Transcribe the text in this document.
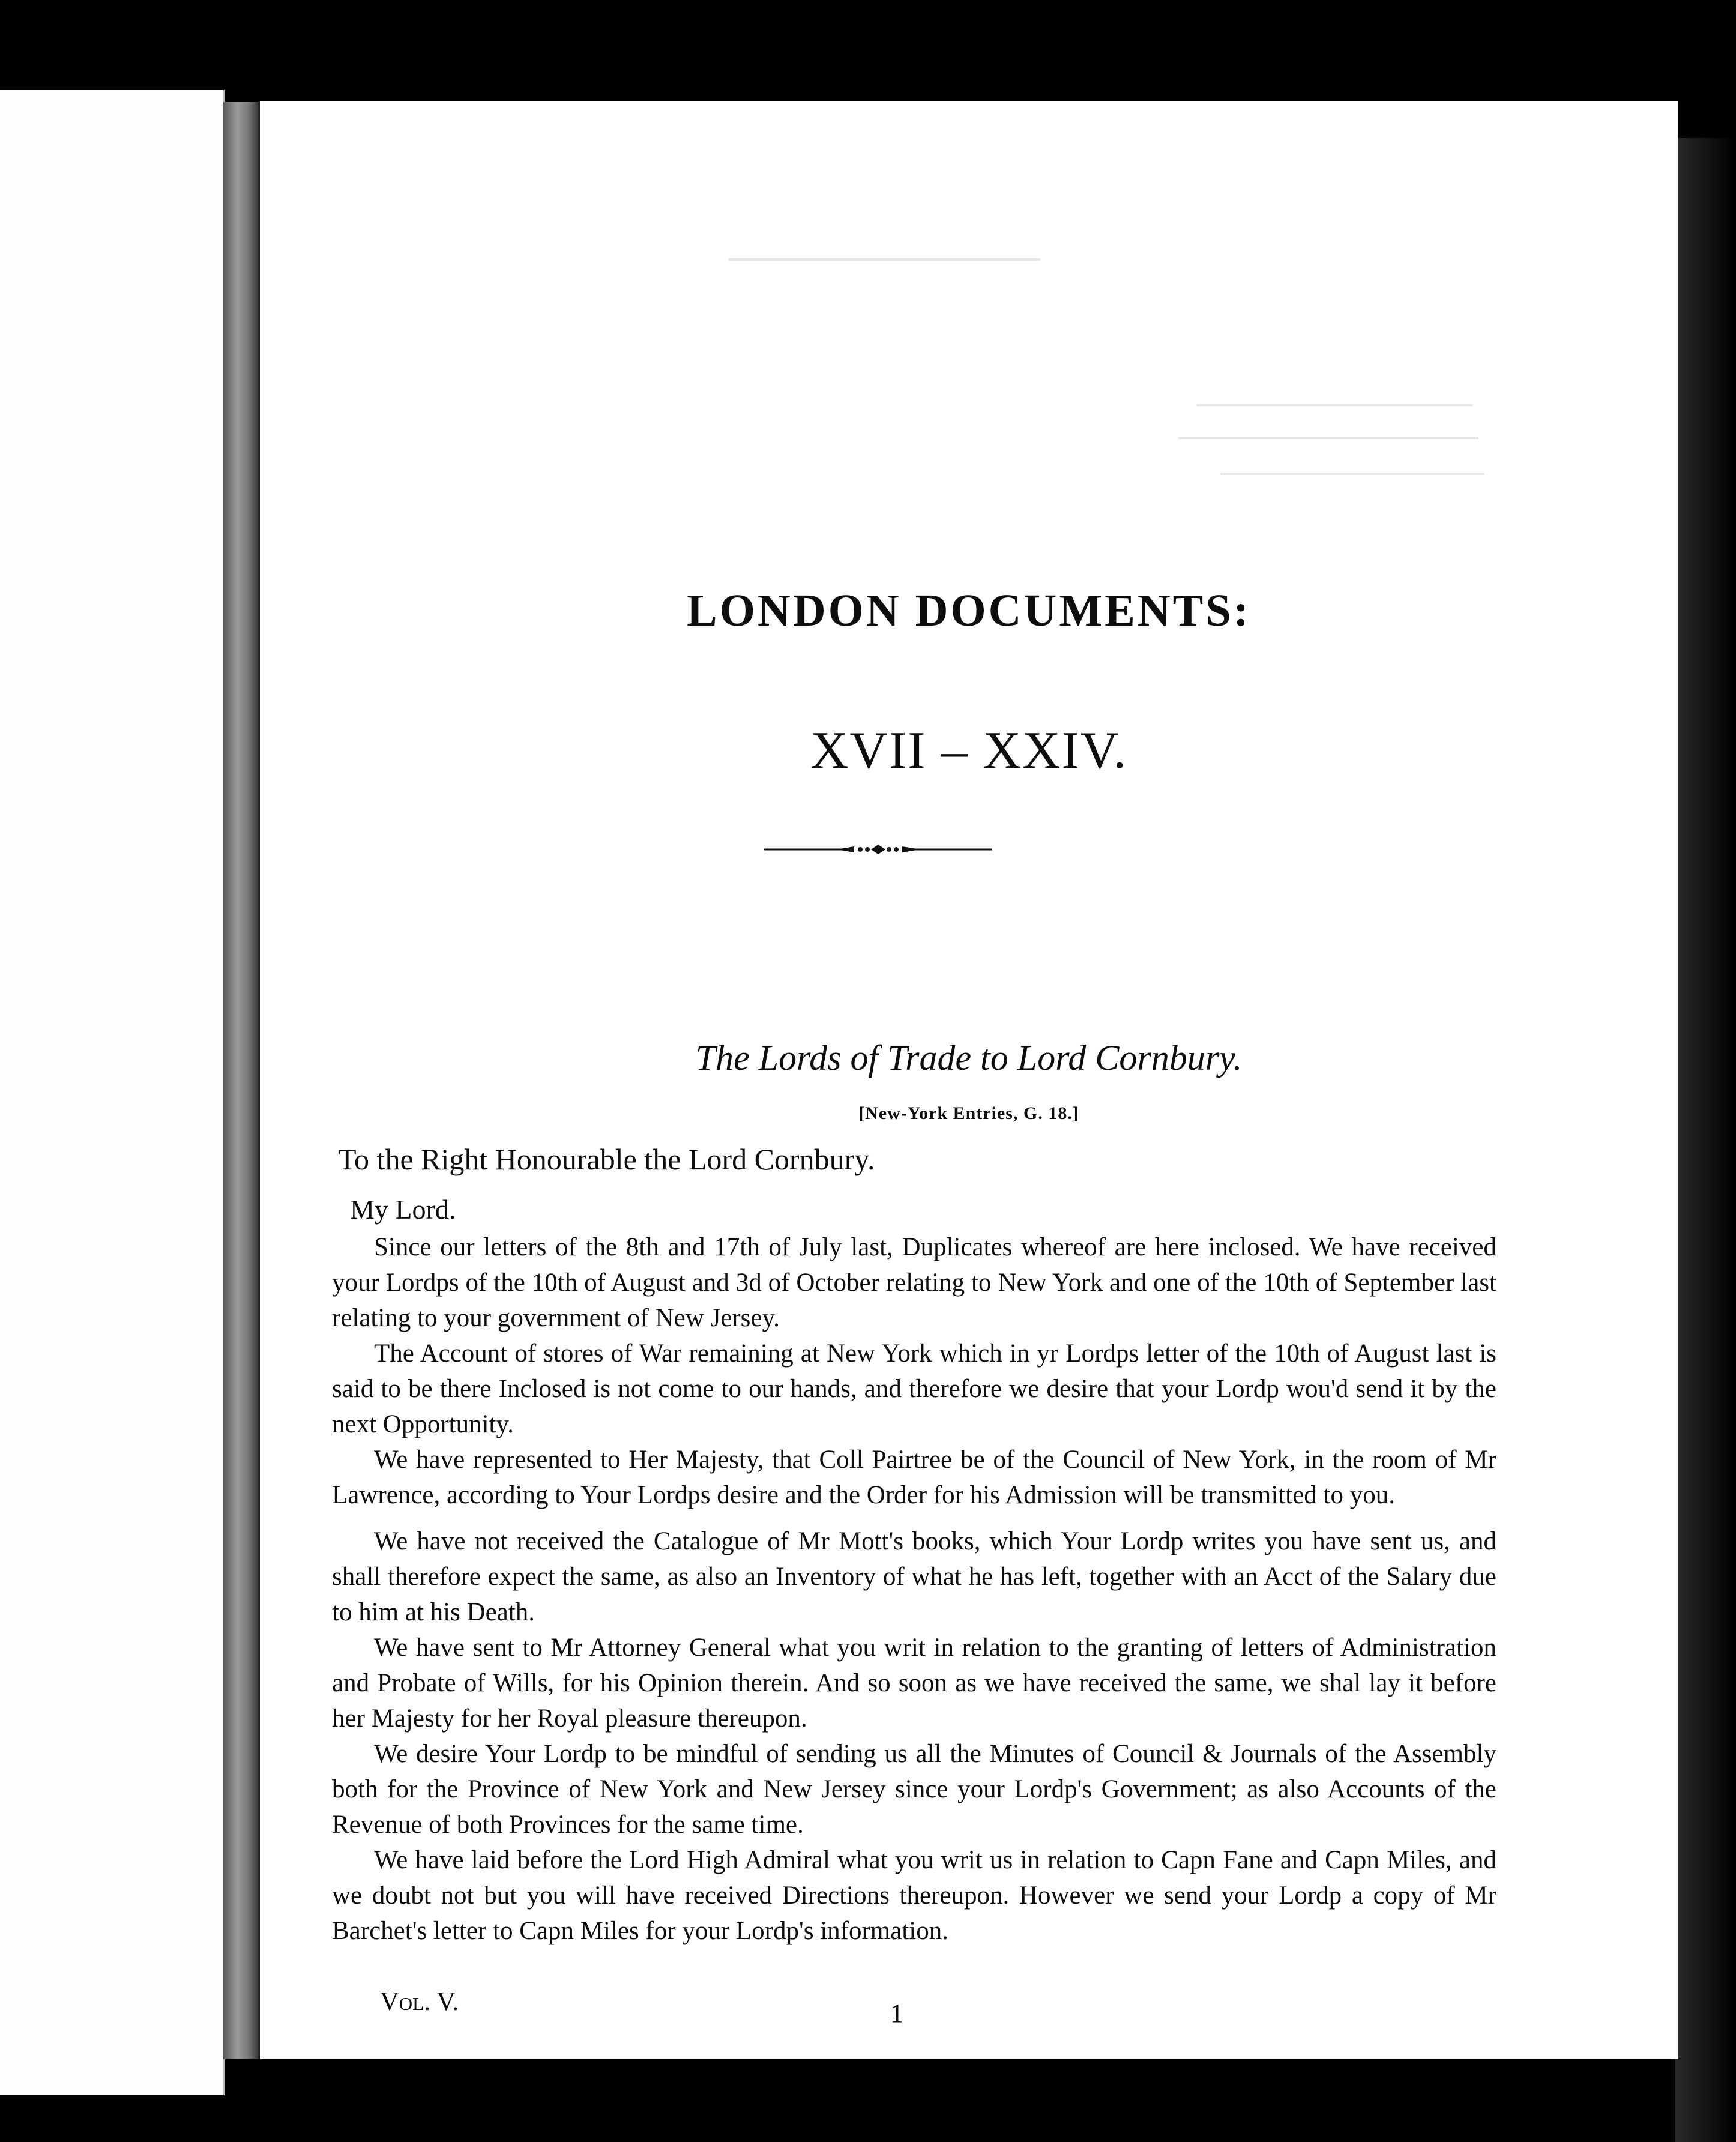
LONDON DOCUMENTS:
XVII – XXIV.
The Lords of Trade to Lord Cornbury.
[New-York Entries, G. 18.]
To the Right Honourable the Lord Cornbury.
My Lord.

Since our letters of the 8th and 17th of July last, Duplicates whereof are here inclosed. We have received your Lordps of the 10th of August and 3d of October relating to New York and one of the 10th of September last relating to your government of New Jersey.

The Account of stores of War remaining at New York which in yr Lordps letter of the 10th of August last is said to be there Inclosed is not come to our hands, and therefore we desire that your Lordp wou'd send it by the next Opportunity.

We have represented to Her Majesty, that Coll Pairtree be of the Council of New York, in the room of Mr Lawrence, according to Your Lordps desire and the Order for his Admission will be transmitted to you.

We have not received the Catalogue of Mr Mott's books, which Your Lordp writes you have sent us, and shall therefore expect the same, as also an Inventory of what he has left, together with an Acct of the Salary due to him at his Death.

We have sent to Mr Attorney General what you writ in relation to the granting of letters of Administration and Probate of Wills, for his Opinion therein. And so soon as we have received the same, we shal lay it before her Majesty for her Royal pleasure thereupon.

We desire Your Lordp to be mindful of sending us all the Minutes of Council & Journals of the Assembly both for the Province of New York and New Jersey since your Lordp's Government; as also Accounts of the Revenue of both Provinces for the same time.

We have laid before the Lord High Admiral what you writ us in relation to Capn Fane and Capn Miles, and we doubt not but you will have received Directions thereupon. However we send your Lordp a copy of Mr Barchet's letter to Capn Miles for your Lordp's information.

Vol. V.	1
